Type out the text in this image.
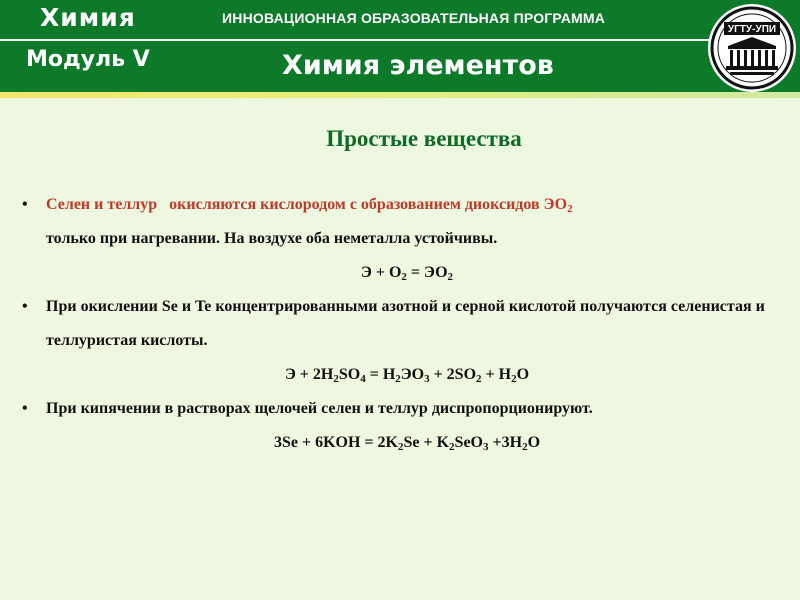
Химия
Модуль V
ИННОВАЦИОННАЯ ОБРАЗОВАТЕЛЬНАЯ ПРОГРАММА
Химия элементов
УГТУ-УПИ
Простые вещества
• Селен и теллур   окисляются кислородом с образованием диоксидов $ЭО_2$
только при нагревании. На воздухе оба неметалла устойчивы.
$Э + О_2 = ЭО_2$
• При окислении Se и Te концентрированными азотной и серной кислотой получаются селенистая и теллуристая кислоты.
$Э + 2H_2SO_4 = H_2ЭO_3 + 2SO_2 + H_2O$
• При кипячении в растворах щелочей селен и теллур диспропорционируют.
$3Se + 6KOH = 2K_2Se + K_2SeO_3 +3H_2O$
